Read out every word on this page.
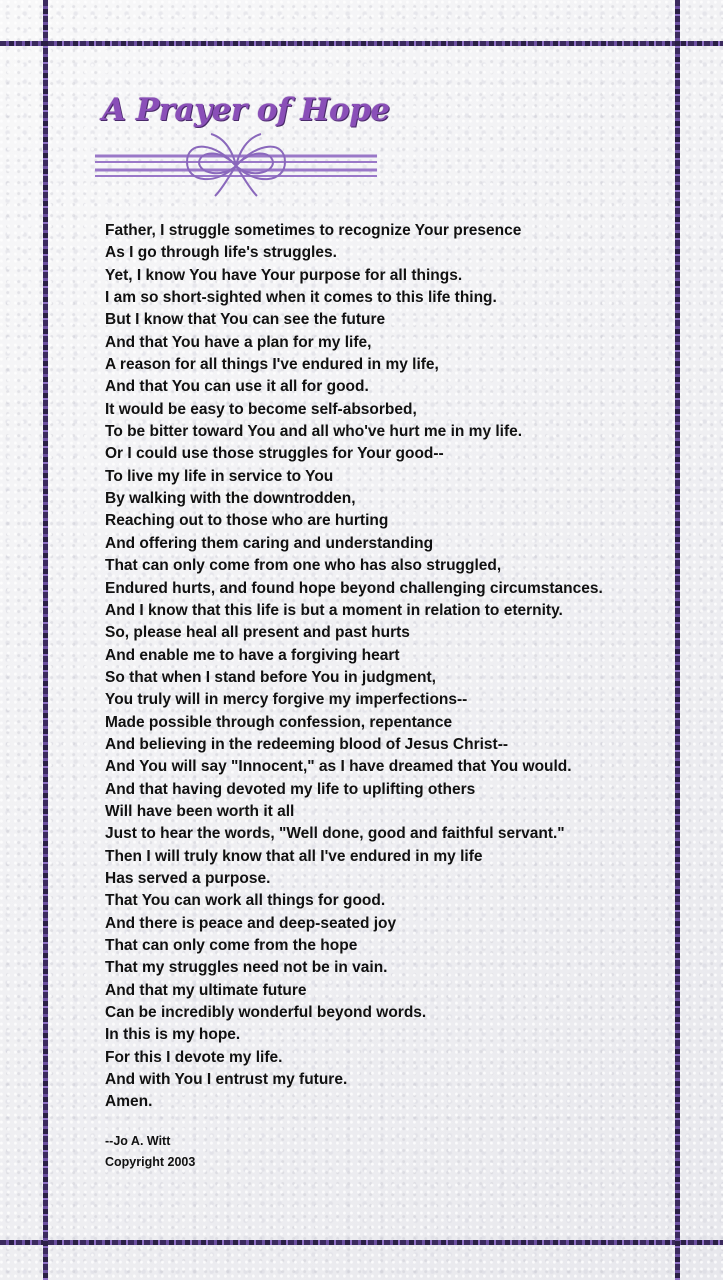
A Prayer of Hope
Father, I struggle sometimes to recognize Your presence
As I go through life's struggles.
Yet, I know You have Your purpose for all things.
I am so short-sighted when it comes to this life thing.
But I know that You can see the future
And that You have a plan for my life,
A reason for all things I've endured in my life,
And that You can use it all for good.
It would be easy to become self-absorbed,
To be bitter toward You and all who've hurt me in my life.
Or I could use those struggles for Your good--
To live my life in service to You
By walking with the downtrodden,
Reaching out to those who are hurting
And offering them caring and understanding
That can only come from one who has also struggled,
Endured hurts, and found hope beyond challenging circumstances.
And I know that this life is but a moment in relation to eternity.
So, please heal all present and past hurts
And enable me to have a forgiving heart
So that when I stand before You in judgment,
You truly will in mercy forgive my imperfections--
Made possible through confession, repentance
And believing in the redeeming blood of Jesus Christ--
And You will say "Innocent," as I have dreamed that You would.
And that having devoted my life to uplifting others
Will have been worth it all
Just to hear the words, "Well done, good and faithful servant."
Then I will truly know that all I've endured in my life
Has served a purpose.
That You can work all things for good.
And there is peace and deep-seated joy
That can only come from the hope
That my struggles need not be in vain.
And that my ultimate future
Can be incredibly wonderful beyond words.
In this is my hope.
For this I devote my life.
And with You I entrust my future.
Amen.
--Jo A. Witt
Copyright 2003
